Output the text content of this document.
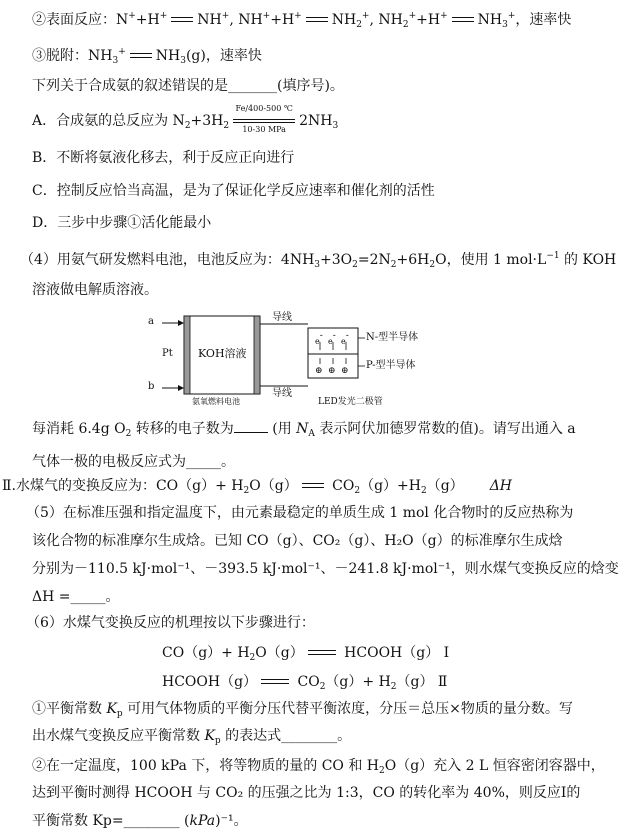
②表面反应：N++H+ NH+, NH++H+ $NH_2^+$, $NH_2^++H^+$ $NH_3^+$，速率快
③脱附：$NH_3^+$ $NH_3(g)$，速率快
下列关于合成氨的叙述错误的是_______(填序号)。
A．合成氨的总反应为 $N_2+3H_2$
Fe/400-500 ℃
10-30 MPa
$2NH_3$
B．不断将氨液化移去，利于反应正向进行
C．控制反应恰当高温，是为了保证化学反应速率和催化剂的活性
D．三步中步骤①活化能最小
（4）用氨气研发燃料电池，电池反应为：$4NH_3+3O_2=2N_2+6H_2O$，使用 1 $mol\cdot L^{-1}$ 的 KOH
溶液做电解质溶液。
a
b
Pt KOH溶液
导线
导线
氨氧燃料电池	LED发光二极管
N-型半导体
P-型半导体
e-
e-
e-
⊕ ⊕ ⊕
每消耗 6.4g $O_2$ 转移的电子数为 (用 $N_A$ 表示阿伏加德罗常数的值)。请写出通入 a
气体一极的电极反应式为_____。
Ⅱ.水煤气的变换反应为：$CO(g)+ H_2O(g)$ $CO_2(g)+H_2(g)$ ΔH
（5）在标准压强和指定温度下，由元素最稳定的单质生成 1 mol 化合物时的反应热称为
该化合物的标准摩尔生成焓。已知 CO（g）、CO₂（g）、H₂O（g）的标准摩尔生成焓
分别为－110.5 kJ·mol⁻¹、－393.5 kJ·mol⁻¹、－241.8 kJ·mol⁻¹，则水煤气变换反应的焓变
ΔH =_____。
（6）水煤气变换反应的机理按以下步骤进行：
$CO(g)+ H_2O(g)$	HCOOH（g） Ⅰ
HCOOH（g）	$CO_2(g)+ H_2(g)$ Ⅱ
①平衡常数 $K_p$ 可用气体物质的平衡分压代替平衡浓度，分压＝总压×物质的量分数。写
出水煤气变换反应平衡常数 $K_p$ 的表达式________。
②在一定温度，100 kPa 下，将等物质的量的 CO 和 $H_2O(g)$充入 2 L 恒容密闭容器中，
达到平衡时测得 HCOOH 与 CO₂ 的压强之比为 1:3，CO 的转化率为 40%，则反应Ⅰ的
平衡常数 Kp=________ (kPa)⁻¹。
